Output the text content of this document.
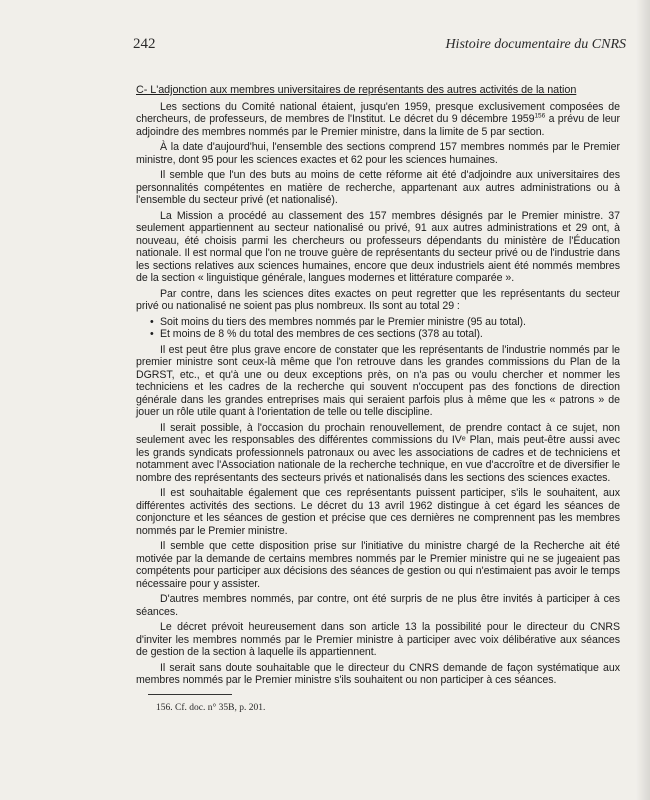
242	Histoire documentaire du CNRS

C- L'adjonction aux membres universitaires de représentants des autres activités de la nation

Les sections du Comité national étaient, jusqu'en 1959, presque exclusivement composées de chercheurs, de professeurs, de membres de l'Institut. Le décret du 9 décembre 1959$^{156}$ a prévu de leur adjoindre des membres nommés par le Premier ministre, dans la limite de 5 par section.

À la date d'aujourd'hui, l'ensemble des sections comprend 157 membres nommés par le Premier ministre, dont 95 pour les sciences exactes et 62 pour les sciences humaines.

Il semble que l'un des buts au moins de cette réforme ait été d'adjoindre aux universitaires des personnalités compétentes en matière de recherche, appartenant aux autres administrations ou à l'ensemble du secteur privé (et nationalisé).

La Mission a procédé au classement des 157 membres désignés par le Premier ministre. 37 seulement appartiennent au secteur nationalisé ou privé, 91 aux autres administrations et 29 ont, à nouveau, été choisis parmi les chercheurs ou professeurs dépendants du ministère de l'Éducation nationale. Il est normal que l'on ne trouve guère de représentants du secteur privé ou de l'industrie dans les sections relatives aux sciences humaines, encore que deux industriels aient été nommés membres de la section « linguistique générale, langues modernes et littérature comparée ».

Par contre, dans les sciences dites exactes on peut regretter que les représentants du secteur privé ou nationalisé ne soient pas plus nombreux. Ils sont au total 29 :

• Soit moins du tiers des membres nommés par le Premier ministre (95 au total).

• Et moins de 8 % du total des membres de ces sections (378 au total).

Il est peut être plus grave encore de constater que les représentants de l'industrie nommés par le premier ministre sont ceux-là même que l'on retrouve dans les grandes commissions du Plan de la DGRST, etc., et qu'à une ou deux exceptions près, on n'a pas ou voulu chercher et nommer les techniciens et les cadres de la recherche qui souvent n'occupent pas des fonctions de direction générale dans les grandes entreprises mais qui seraient parfois plus à même que les « patrons » de jouer un rôle utile quant à l'orientation de telle ou telle discipline.

Il serait possible, à l'occasion du prochain renouvellement, de prendre contact à ce sujet, non seulement avec les responsables des différentes commissions du IVᵉ Plan, mais peut-être aussi avec les grands syndicats professionnels patronaux ou avec les associations de cadres et de techniciens et notamment avec l'Association nationale de la recherche technique, en vue d'accroître et de diversifier le nombre des représentants des secteurs privés et nationalisés dans les sections des sciences exactes.

Il est souhaitable également que ces représentants puissent participer, s'ils le souhaitent, aux différentes activités des sections. Le décret du 13 avril 1962 distingue à cet égard les séances de conjoncture et les séances de gestion et précise que ces dernières ne comprennent pas les membres nommés par le Premier ministre.

Il semble que cette disposition prise sur l'initiative du ministre chargé de la Recherche ait été motivée par la demande de certains membres nommés par le Premier ministre qui ne se jugeaient pas compétents pour participer aux décisions des séances de gestion ou qui n'estimaient pas avoir le temps nécessaire pour y assister.

D'autres membres nommés, par contre, ont été surpris de ne plus être invités à participer à ces séances.

Le décret prévoit heureusement dans son article 13 la possibilité pour le directeur du CNRS d'inviter les membres nommés par le Premier ministre à participer avec voix délibérative aux séances de gestion de la section à laquelle ils appartiennent.

Il serait sans doute souhaitable que le directeur du CNRS demande de façon systématique aux membres nommés par le Premier ministre s'ils souhaitent ou non participer à ces séances.

156. Cf. doc. n° 35B, p. 201.
